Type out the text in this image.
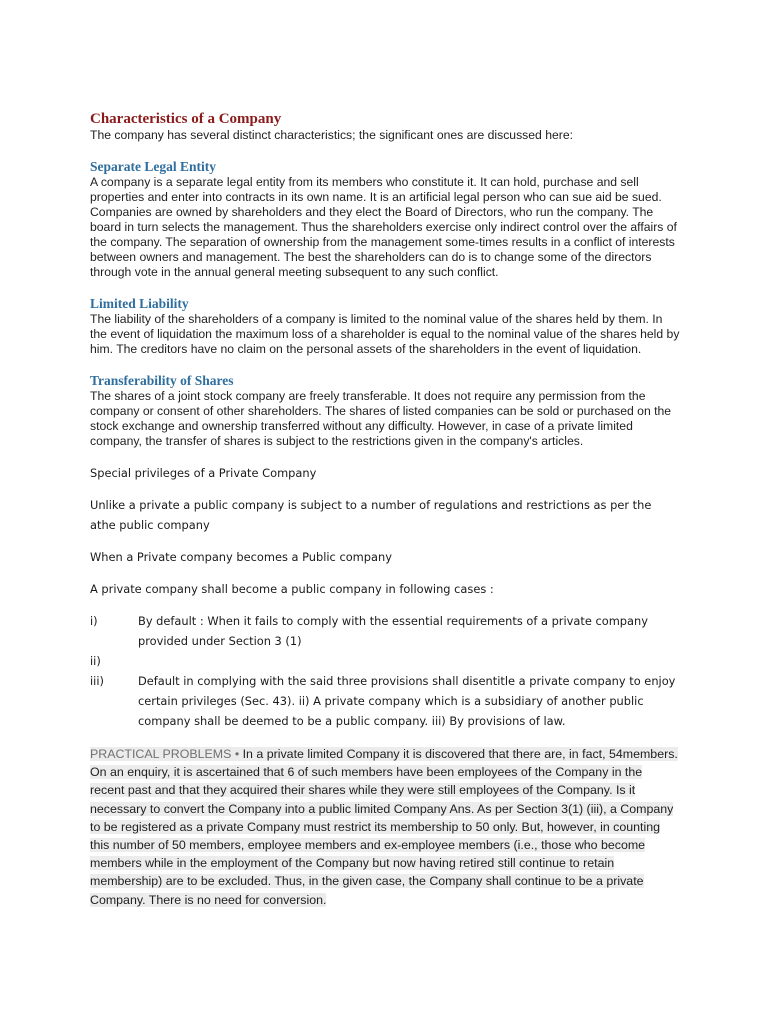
Characteristics of a Company

The company has several distinct characteristics; the significant ones are discussed here:

Separate Legal Entity

A company is a separate legal entity from its members who constitute it. It can hold, purchase and sell properties and enter into contracts in its own name. It is an artificial legal person who can sue aid be sued. Companies are owned by shareholders and they elect the Board of Directors, who run the company. The board in turn selects the management. Thus the shareholders exercise only indirect control over the affairs of the company. The separation of ownership from the management some-times results in a conflict of interests between owners and management. The best the shareholders can do is to change some of the directors through vote in the annual general meeting subsequent to any such conflict.

Limited Liability

The liability of the shareholders of a company is limited to the nominal value of the shares held by them. In the event of liquidation the maximum loss of a shareholder is equal to the nominal value of the shares held by him. The creditors have no claim on the personal assets of the shareholders in the event of liquidation.

Transferability of Shares

The shares of a joint stock company are freely transferable. It does not require any permission from the company or consent of other shareholders. The shares of listed companies can be sold or purchased on the stock exchange and ownership transferred without any difficulty. However, in case of a private limited company, the transfer of shares is subject to the restrictions given in the company's articles.

Special privileges of a Private Company

Unlike a private a public company is subject to a number of regulations and restrictions as per the athe public company

When a Private company becomes a Public company

A private company shall become a public company in following cases :

i)	By default : When it fails to comply with the essential requirements of a private company provided under Section 3 (1)
ii)
iii)	Default in complying with the said three provisions shall disentitle a private company to enjoy certain privileges (Sec. 43). ii) A private company which is a subsidiary of another public company shall be deemed to be a public company. iii) By provisions of law.

PRACTICAL PROBLEMS • In a private limited Company it is discovered that there are, in fact, 54members. On an enquiry, it is ascertained that 6 of such members have been employees of the Company in the recent past and that they acquired their shares while they were still employees of the Company. Is it necessary to convert the Company into a public limited Company Ans. As per Section 3(1) (iii), a Company to be registered as a private Company must restrict its membership to 50 only. But, however, in counting this number of 50 members, employee members and ex-employee members (i.e., those who become members while in the employment of the Company but now having retired still continue to retain membership) are to be excluded. Thus, in the given case, the Company shall continue to be a private Company. There is no need for conversion.
